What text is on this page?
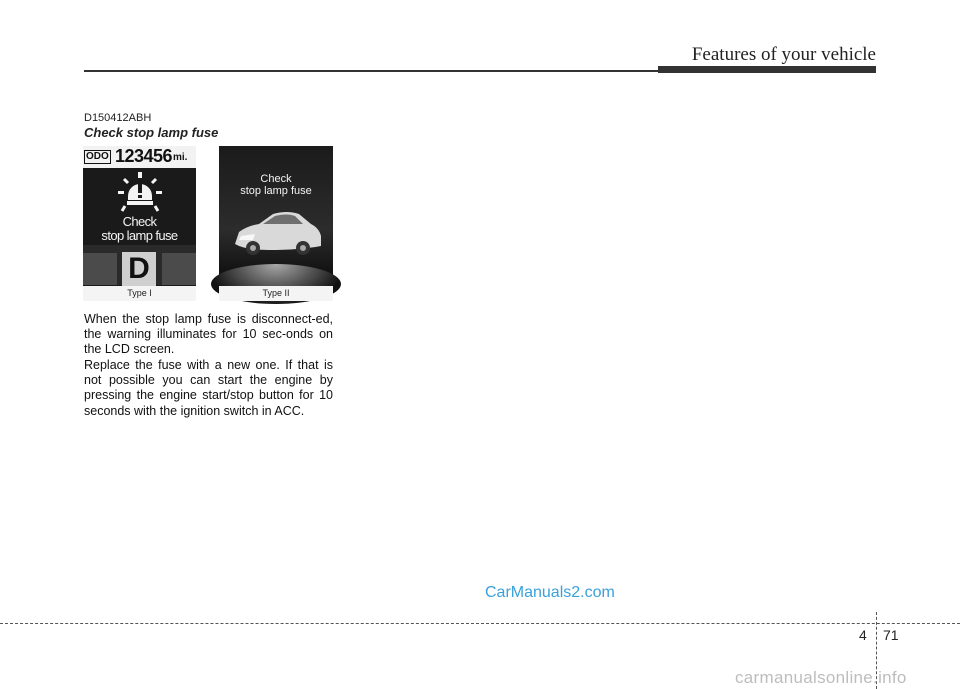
Features of your vehicle
D150412ABH
Check stop lamp fuse
ODO 123456 mi.
Check
stop lamp fuse
D
Type I
Check
stop lamp fuse
Type II

When the stop lamp fuse is disconnect-ed, the warning illuminates for 10 sec-onds on the LCD screen.

Replace the fuse with a new one. If that is not possible you can start the engine by pressing the engine start/stop button for 10 seconds with the ignition switch in ACC.

CarManuals2.com
4 71
carmanualsonline.info
